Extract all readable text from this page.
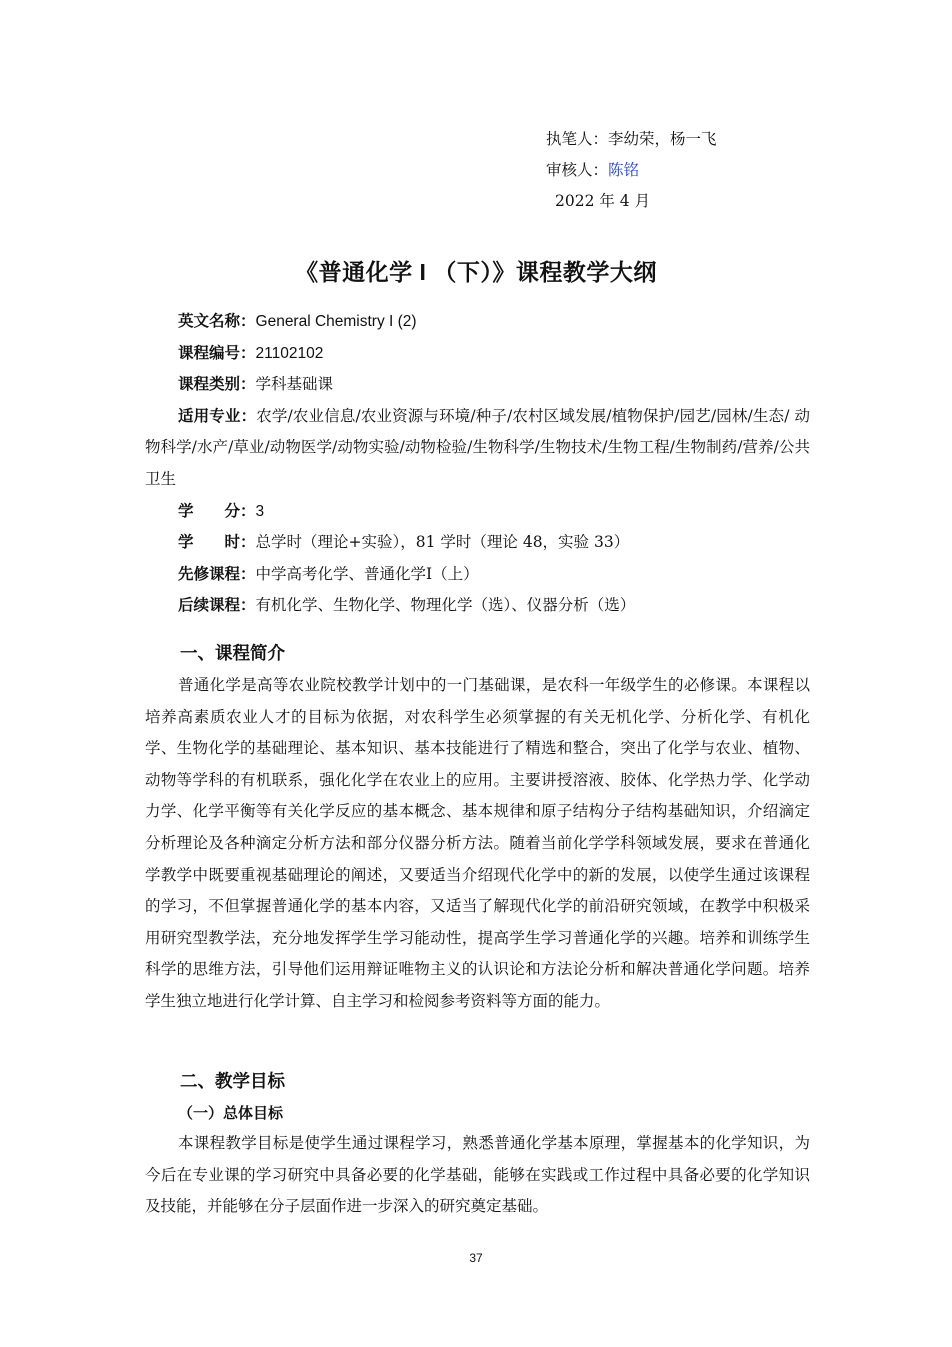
执笔人：李幼荣，杨一飞
审核人：陈铭
2022 年 4 月
《普通化学 I （下）》课程教学大纲
英文名称：General Chemistry I (2)
课程编号：21102102
课程类别：学科基础课
适用专业：农学/农业信息/农业资源与环境/种子/农村区域发展/植物保护/园艺/园林/生态/ 动物科学/水产/草业/动物医学/动物实验/动物检验/生物科学/生物技术/生物工程/生物制药/营养/公共卫生
学　　分：3
学　　时：总学时（理论+实验），81 学时（理论 48，实验 33）
先修课程：中学高考化学、普通化学Ⅰ（上）
后续课程：有机化学、生物化学、物理化学（选）、仪器分析（选）
一、课程简介
普通化学是高等农业院校教学计划中的一门基础课，是农科一年级学生的必修课。本课程以培养高素质农业人才的目标为依据，对农科学生必须掌握的有关无机化学、分析化学、有机化学、生物化学的基础理论、基本知识、基本技能进行了精选和整合，突出了化学与农业、植物、动物等学科的有机联系，强化化学在农业上的应用。主要讲授溶液、胶体、化学热力学、化学动力学、化学平衡等有关化学反应的基本概念、基本规律和原子结构分子结构基础知识，介绍滴定分析理论及各种滴定分析方法和部分仪器分析方法。随着当前化学学科领域发展，要求在普通化学教学中既要重视基础理论的阐述，又要适当介绍现代化学中的新的发展，以使学生通过该课程的学习，不但掌握普通化学的基本内容，又适当了解现代化学的前沿研究领域，在教学中积极采用研究型教学法，充分地发挥学生学习能动性，提高学生学习普通化学的兴趣。培养和训练学生科学的思维方法，引导他们运用辩证唯物主义的认识论和方法论分析和解决普通化学问题。培养学生独立地进行化学计算、自主学习和检阅参考资料等方面的能力。
二、教学目标
（一）总体目标
本课程教学目标是使学生通过课程学习，熟悉普通化学基本原理，掌握基本的化学知识，为今后在专业课的学习研究中具备必要的化学基础，能够在实践或工作过程中具备必要的化学知识及技能，并能够在分子层面作进一步深入的研究奠定基础。
37
